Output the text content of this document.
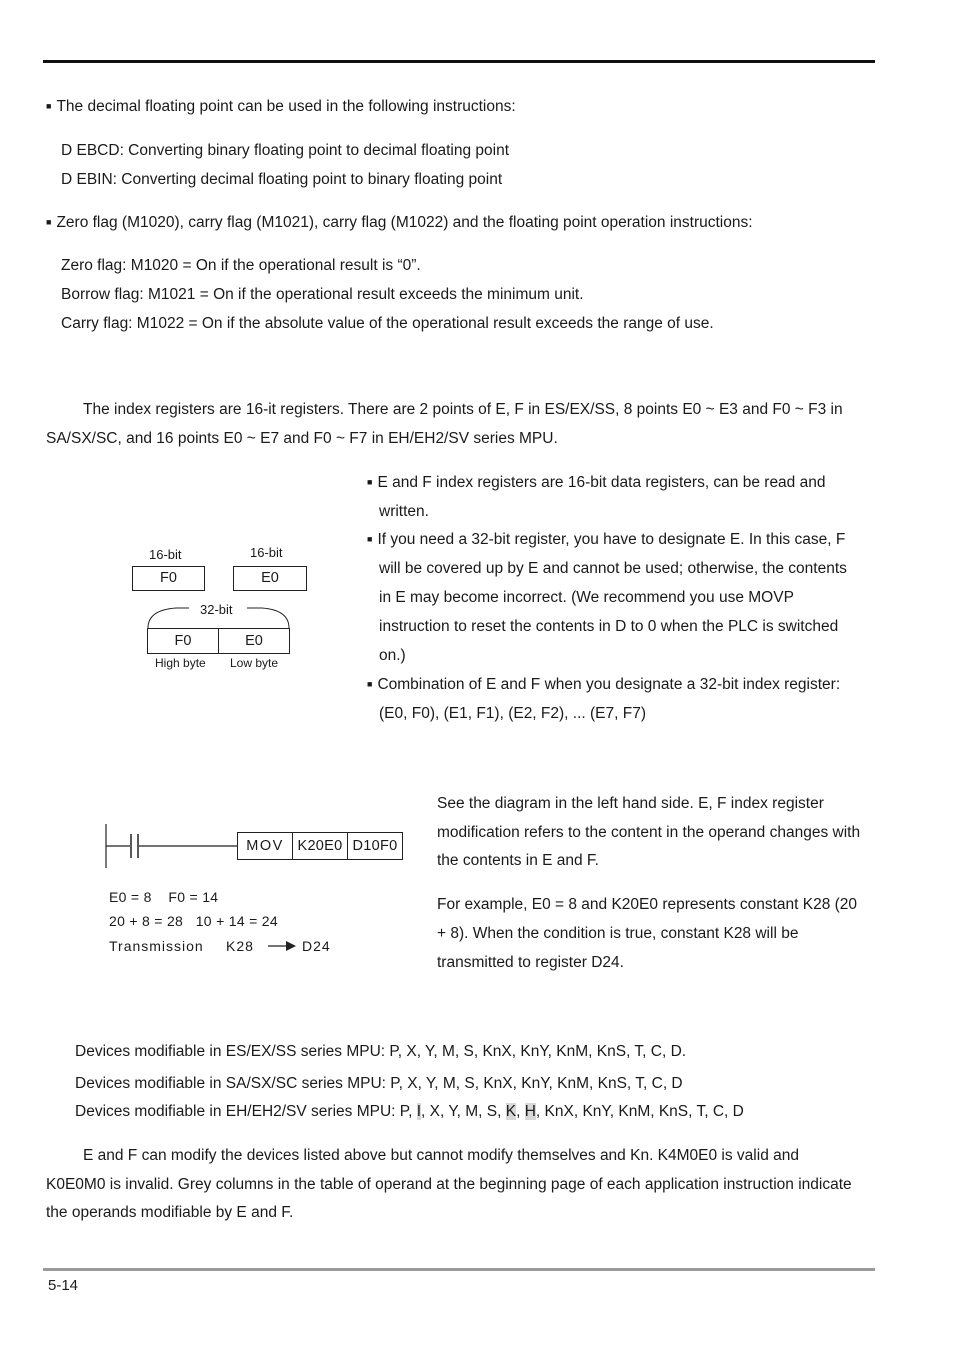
■ The decimal floating point can be used in the following instructions:
D EBCD: Converting binary floating point to decimal floating point
D EBIN: Converting decimal floating point to binary floating point
■ Zero flag (M1020), carry flag (M1021), carry flag (M1022) and the floating point operation instructions:
Zero flag: M1020 = On if the operational result is “0”.
Borrow flag: M1021 = On if the operational result exceeds the minimum unit.
Carry flag: M1022 = On if the absolute value of the operational result exceeds the range of use.
The index registers are 16-it registers. There are 2 points of E, F in ES/EX/SS, 8 points E0 ~ E3 and F0 ~ F3 in
SA/SX/SC, and 16 points E0 ~ E7 and F0 ~ F7 in EH/EH2/SV series MPU.
16-bit	16-bit
F0	E0
32-bit
F0	E0
High byte Low byte
■ E and F index registers are 16-bit data registers, can be read and
written.
■ If you need a 32-bit register, you have to designate E. In this case, F
will be covered up by E and cannot be used; otherwise, the contents
in E may become incorrect. (We recommend you use MOVP
instruction to reset the contents in D to 0 when the PLC is switched
on.)
■ Combination of E and F when you designate a 32-bit index register:
(E0, F0), (E1, F1), (E2, F2), ... (E7, F7)
MOV K20E0 D10F0
E0 = 8    F0 = 14
20 + 8 = 28   10 + 14 = 24
Transmission K28	D24
See the diagram in the left hand side. E, F index register
modification refers to the content in the operand changes with
the contents in E and F.
For example, E0 = 8 and K20E0 represents constant K28 (20
+ 8). When the condition is true, constant K28 will be
transmitted to register D24.
Devices modifiable in ES/EX/SS series MPU: P, X, Y, M, S, KnX, KnY, KnM, KnS, T, C, D.
Devices modifiable in SA/SX/SC series MPU: P, X, Y, M, S, KnX, KnY, KnM, KnS, T, C, D
Devices modifiable in EH/EH2/SV series MPU: P, I, X, Y, M, S, K, H, KnX, KnY, KnM, KnS, T, C, D
E and F can modify the devices listed above but cannot modify themselves and Kn. K4M0E0 is valid and
K0E0M0 is invalid. Grey columns in the table of operand at the beginning page of each application instruction indicate
the operands modifiable by E and F.
5-14
